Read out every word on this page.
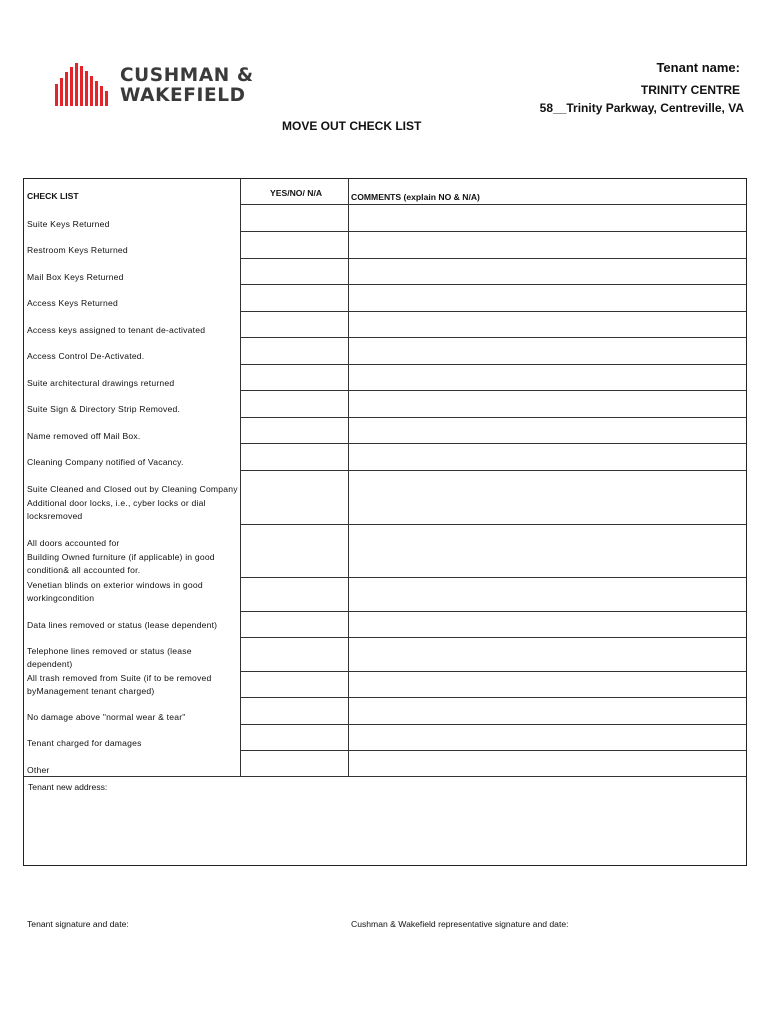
CUSHMAN &
WAKEFIELD
Tenant name:
TRINITY CENTRE
58__Trinity Parkway, Centreville, VA
MOVE OUT CHECK LIST
CHECK LIST	YES/NO/ N/A	COMMENTS (explain NO & N/A)
Suite Keys Returned
Restroom Keys Returned
Mail Box Keys Returned
Access Keys Returned
Access keys assigned to tenant de-activated
Access Control De-Activated.
Suite architectural drawings returned
Suite Sign & Directory Strip Removed.
Name removed off Mail Box.
Cleaning Company notified of Vacancy.
Suite Cleaned and Closed out by Cleaning Company
Additional door locks, i.e., cyber locks or dial locksremoved
All doors accounted for
Building Owned furniture (if applicable) in good condition& all accounted for.
Venetian blinds on exterior windows in good workingcondition
Data lines removed or status (lease dependent)
Telephone lines removed or status (lease dependent)
All trash removed from Suite (if to be removed byManagement tenant charged)
No damage above "normal wear & tear"
Tenant charged for damages
Other
Tenant new address:
Tenant signature and date:	Cushman & Wakefield representative signature and date:
